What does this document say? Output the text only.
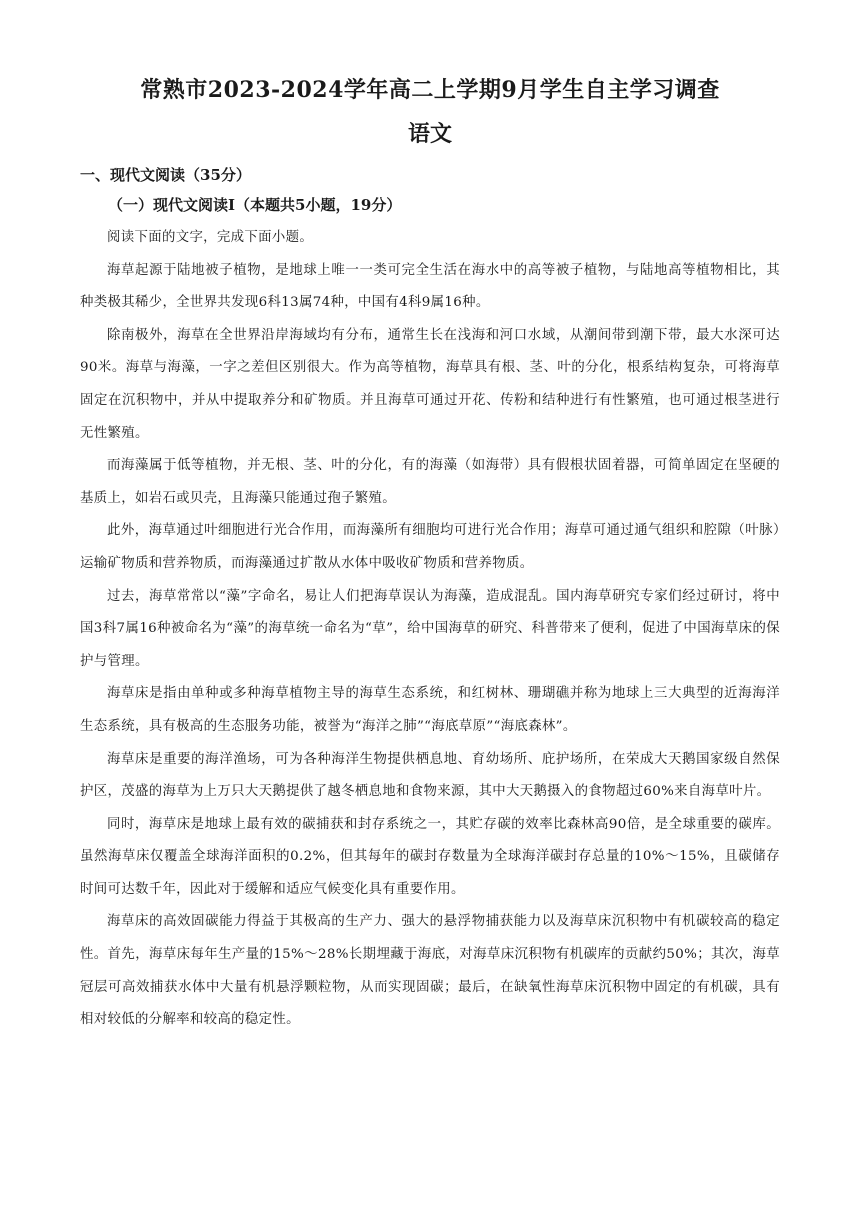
常熟市2023-2024学年高二上学期9月学生自主学习调查
语文

一、现代文阅读（35分）

（一）现代文阅读Ⅰ（本题共5小题，19分）

阅读下面的文字，完成下面小题。

海草起源于陆地被子植物，是地球上唯一一类可完全生活在海水中的高等被子植物，与陆地高等植物相比，其种类极其稀少，全世界共发现6科13属74种，中国有4科9属16种。

除南极外，海草在全世界沿岸海域均有分布，通常生长在浅海和河口水域，从潮间带到潮下带，最大水深可达90米。海草与海藻，一字之差但区别很大。作为高等植物，海草具有根、茎、叶的分化，根系结构复杂，可将海草固定在沉积物中，并从中提取养分和矿物质。并且海草可通过开花、传粉和结种进行有性繁殖，也可通过根茎进行无性繁殖。

而海藻属于低等植物，并无根、茎、叶的分化，有的海藻（如海带）具有假根状固着器，可简单固定在坚硬的基质上，如岩石或贝壳，且海藻只能通过孢子繁殖。

此外，海草通过叶细胞进行光合作用，而海藻所有细胞均可进行光合作用；海草可通过通气组织和腔隙（叶脉）运输矿物质和营养物质，而海藻通过扩散从水体中吸收矿物质和营养物质。

过去，海草常常以“藻”字命名，易让人们把海草误认为海藻，造成混乱。国内海草研究专家们经过研讨，将中国3科7属16种被命名为“藻”的海草统一命名为“草”，给中国海草的研究、科普带来了便利，促进了中国海草床的保护与管理。

海草床是指由单种或多种海草植物主导的海草生态系统，和红树林、珊瑚礁并称为地球上三大典型的近海海洋生态系统，具有极高的生态服务功能，被誉为“海洋之肺”“海底草原”“海底森林”。

海草床是重要的海洋渔场，可为各种海洋生物提供栖息地、育幼场所、庇护场所，在荣成大天鹅国家级自然保护区，茂盛的海草为上万只大天鹅提供了越冬栖息地和食物来源，其中大天鹅摄入的食物超过60%来自海草叶片。

同时，海草床是地球上最有效的碳捕获和封存系统之一，其贮存碳的效率比森林高90倍，是全球重要的碳库。虽然海草床仅覆盖全球海洋面积的0.2%，但其每年的碳封存数量为全球海洋碳封存总量的10%～15%，且碳储存时间可达数千年，因此对于缓解和适应气候变化具有重要作用。

海草床的高效固碳能力得益于其极高的生产力、强大的悬浮物捕获能力以及海草床沉积物中有机碳较高的稳定性。首先，海草床每年生产量的15%～28%长期埋藏于海底，对海草床沉积物有机碳库的贡献约50%；其次，海草冠层可高效捕获水体中大量有机悬浮颗粒物，从而实现固碳；最后，在缺氧性海草床沉积物中固定的有机碳，具有相对较低的分解率和较高的稳定性。
